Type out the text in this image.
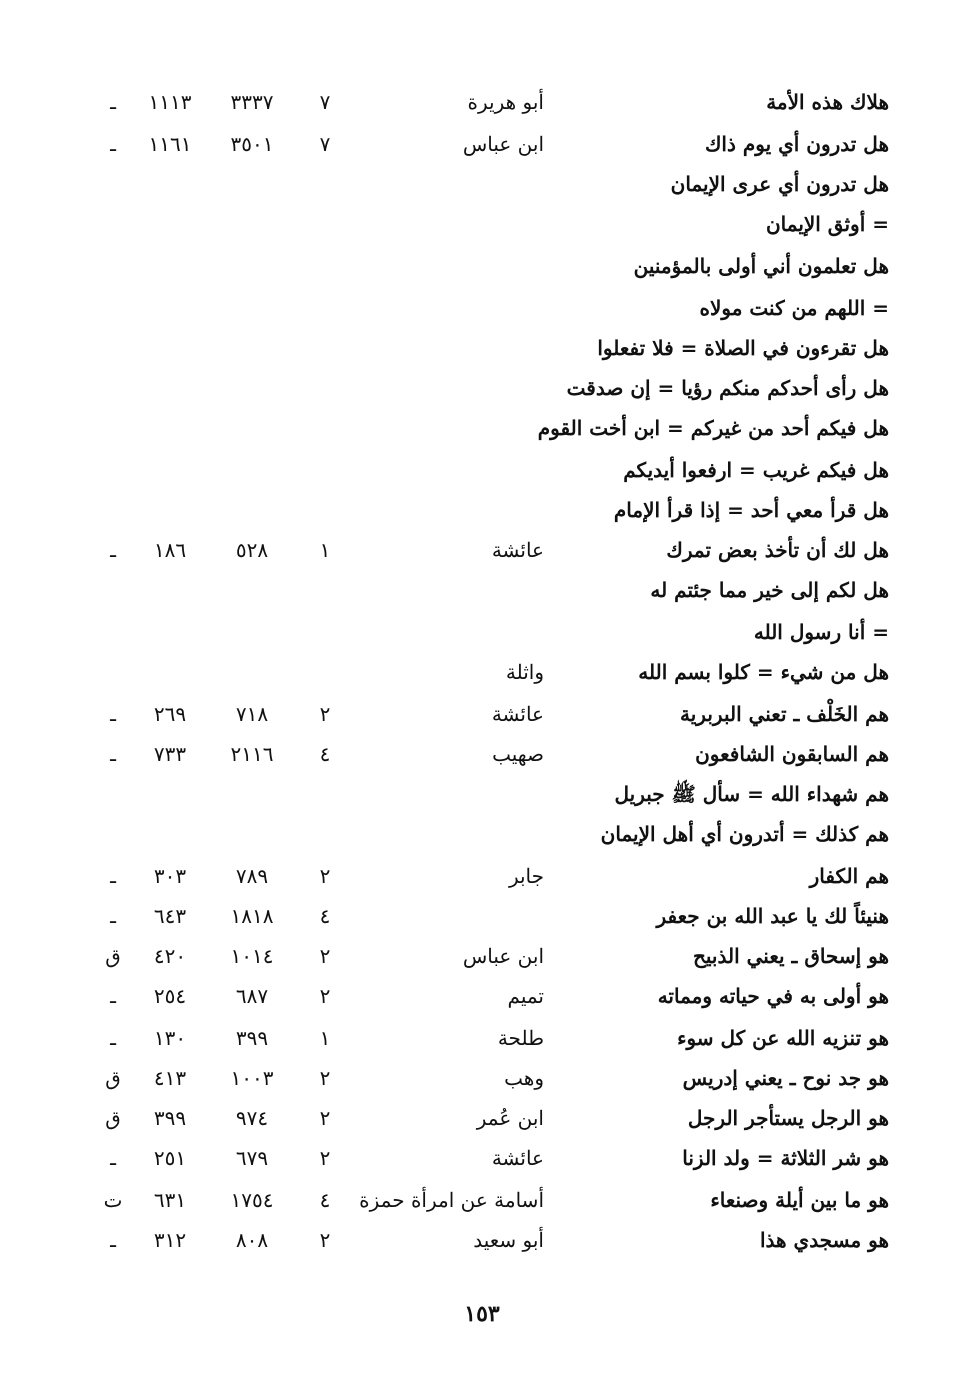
هلاك هذه الأمة
أبو هريرة
٧
٣٣٣٧
١١١٣
ـ
هل تدرون أي يوم ذاك
ابن عباس
٧
٣٥٠١
١١٦١
ـ
هل تدرون أي عرى الإيمان
= أوثق الإيمان
هل تعلمون أني أولى بالمؤمنين
= اللهم من كنت مولاه
هل تقرءون في الصلاة = فلا تفعلوا
هل رأى أحدكم منكم رؤيا = إن صدقت
هل فيكم أحد من غيركم = ابن أخت القوم
هل فيكم غريب = ارفعوا أيديكم
هل قرأ معي أحد = إذا قرأ الإمام
هل لك أن تأخذ بعض تمرك
عائشة
١
٥٢٨
١٨٦
ـ
هل لكم إلى خير مما جئتم له
= أنا رسول الله
هل من شيء = كلوا بسم الله
واثلة
هم الخَلْف ـ تعني البربرية
عائشة
٢
٧١٨
٢٦٩
ـ
هم السابقون الشافعون
صهيب
٤
٢١١٦
٧٣٣
ـ
هم شهداء الله = سأل ﷺ جبريل
هم كذلك = أتدرون أي أهل الإيمان
هم الكفار
جابر
٢
٧٨٩
٣٠٣
ـ
هنيئاً لك يا عبد الله بن جعفر
٤
١٨١٨
٦٤٣
ـ
هو إسحاق ـ يعني الذبيح
ابن عباس
٢
١٠١٤
٤٢٠
ق
هو أولى به في حياته ومماته
تميم
٢
٦٨٧
٢٥٤
ـ
هو تنزيه الله عن كل سوء
طلحة
١
٣٩٩
١٣٠
ـ
هو جد نوح ـ يعني إدريس
وهب
٢
١٠٠٣
٤١٣
ق
هو الرجل يستأجر الرجل
ابن عُمر
٢
٩٧٤
٣٩٩
ق
هو شر الثلاثة = ولد الزنا
عائشة
٢
٦٧٩
٢٥١
ـ
هو ما بين أيلة وصنعاء
أسامة عن امرأة حمزة
٤
١٧٥٤
٦٣١
ت
هو مسجدي هذا
أبو سعيد
٢
٨٠٨
٣١٢
ـ
١٥٣
